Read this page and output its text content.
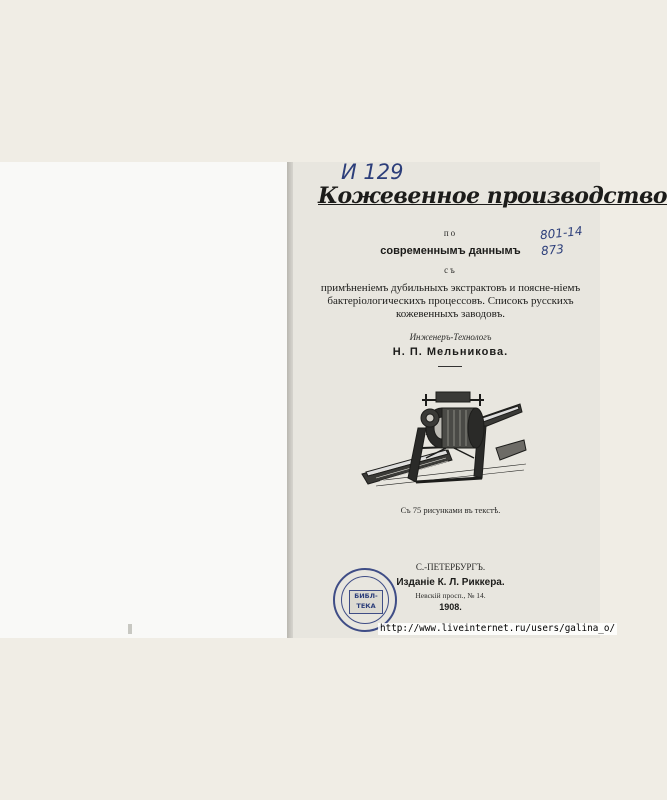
И 129
801-14
873
Кожевенное производство
по
современнымъ даннымъ
съ
примѣненіемъ дубильныхъ экстрактовъ и поясне-ніемъ бактеріологическихъ процессовъ. Списокъ русскихъ кожевенныхъ заводовъ.
Инженеръ-Технологъ
Н. П. Мельникова.
Съ 75 рисунками въ текстѣ.
С.-ПЕТЕРБУРГЪ.
Изданіе К. Л. Риккера.
Невскій просп., № 14.
1908.
БИБЛ-
ТЕКА
http://www.liveinternet.ru/users/galina_o/
